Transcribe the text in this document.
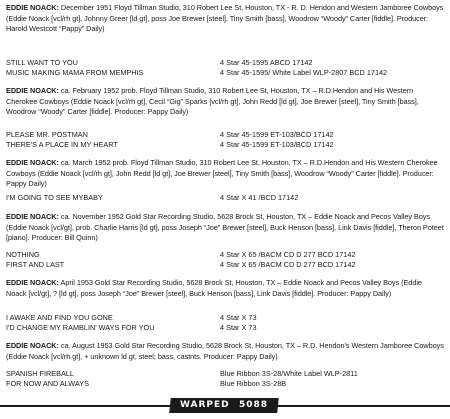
EDDIE NOACK: December 1951 Floyd Tillman Studio, 310 Robert Lee St, Houston, TX - R. D. Hendon and Western Jamboree Cowboys (Eddie Noack [vcl/rh gt], Johnny Greer [ld gt], poss Joe Brewer [steel], Tiny Smith [bass], Woodrow “Woody” Carter [fiddle]. Producer: Harold Westcott “Pappy” Daily)

STILL WANT TO YOU	4 Star 45-1595 ABCD 17142
MUSIC MAKING MAMA FROM MEMPHIS	4 Star 45-1595/ White Label WLP-2807 BCD 17142

EDDIE NOACK: ca. February 1952 prob. Floyd Tillman Studio, 310 Robert Lee St, Houston, TX – R.D.Hendon and His Western Cherokee Cowboys (Eddie Noack [vcl/rh gt], Cecil “Gig” Sparks [vcl/rh gt], John Redd [ld gt], Joe Brewer [steel], Tiny Smith [bass], Woodrow “Woody” Carter [fiddle]. Producer: Pappy Daily)

PLEASE MR. POSTMAN	4 Star 45-1599 ET-103/BCD 17142
THERE'S A PLACE IN MY HEART	4 Star 45-1599 ET-103/BCD 17142

EDDIE NOACK: ca. March 1952 prob. Floyd Tillman Studio, 310 Robert Lee St, Houston, TX – R.D.Hendon and His Western Cherokee Cowboys (Eddie Noack [vcl/rh gt], John Redd [ld gt], Joe Brewer [steel], Tiny Smith [bass], Woodrow “Woody” Carter [fiddle]. Producer: Pappy Daily)

I'M GOING TO SEE MYBABY	4 Star X 41 /BCD 17142

EDDIE NOACK: ca. November 1952 Gold Star Recording Studio, 5628 Brock St, Houston, TX – Eddie Noack and Pecos Valley Boys (Eddie Noack [vcl/gt], prob. Charlie Harris [ld gt], poss Joseph “Joe” Brewer [steel], Buck Henson [bass], Link Davis [fiddle], Theron Poteet [piano]. Producer: Bill Quinn)

NOTHING	4 Star X 65 /BACM CD D 277 BCD 17142
FIRST AND LAST	4 Star X 65 /BACM CD D 277 BCD 17142

EDDIE NOACK: April 1953 Gold Star Recording Studio, 5628 Brock St, Houston, TX – Eddie Noack and Pecos Valley Boys (Eddie Noack [vcl/gt], ? [ld gt], poss Joseph “Joe” Brewer [steel], Buck Henson [bass], Link Davis [fiddle]. Producer: Pappy Daily)

I AWAKE AND FIND YOU GONE	4 Star X 73
I'D CHANGE MY RAMBLIN' WAYS FOR YOU	4 Star X 73

EDDIE NOACK: ca. August 1953 Gold Star Recording Studio, 5628 Brock St, Houston, TX – R.D. Hendon's Western Jamboree Cowboys (Eddie Noack [vcl/rh gt], + unknown ld gt, steel; bass, castnts. Producer: Pappy Daily)

SPANISH FIREBALL	Blue Ribbon 3S-28/White Label WLP-2811
FOR NOW AND ALWAYS	Blue Ribbon 3S-28B
WARPED 5088
